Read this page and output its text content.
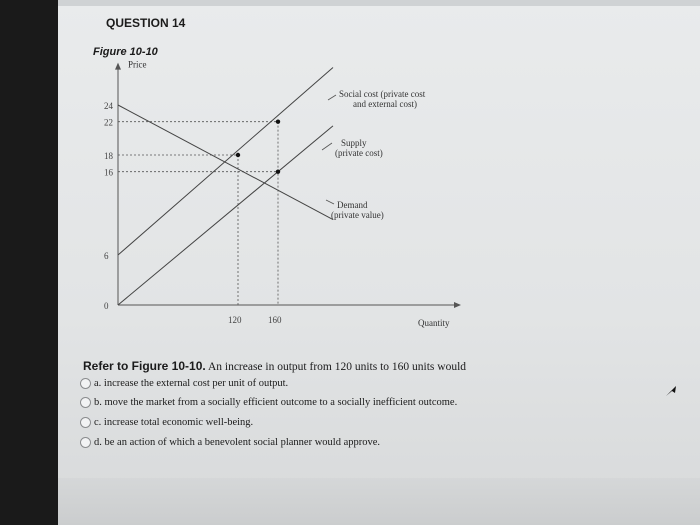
QUESTION 14
Figure 10-10
Price
Quantity
0
6
16
18
22
24
120	160
Social cost (private cost
and external cost)
Supply
(private cost)
Demand
(private value)
Refer to Figure 10-10. An increase in output from 120 units to 160 units would
a. increase the external cost per unit of output.
b. move the market from a socially efficient outcome to a socially inefficient outcome.
c. increase total economic well-being.
d. be an action of which a benevolent social planner would approve.
